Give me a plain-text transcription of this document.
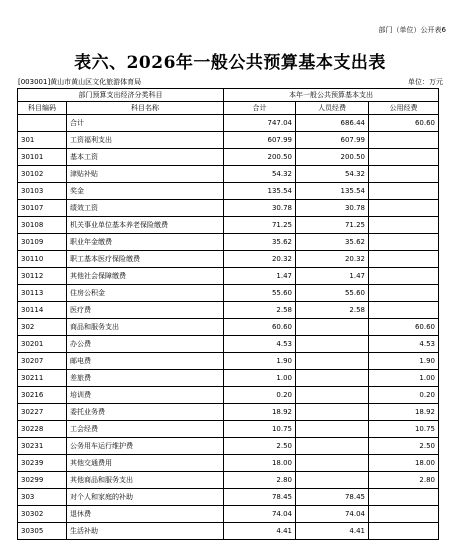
部门（单位）公开表6
表六、2026年一般公共预算基本支出表
[003001]黄山市黄山区文化旅游体育局	单位：万元
部门预算支出经济分类科目		本年一般公共预算基本支出		
科目编码	科目名称	合计	人员经费	公用经费
	合计	747.04	686.44	60.60
301	工资福利支出	607.99	607.99	
30101	基本工资	200.50	200.50	
30102	津贴补贴	54.32	54.32	
30103	奖金	135.54	135.54	
30107	绩效工资	30.78	30.78	
30108	机关事业单位基本养老保险缴费	71.25	71.25	
30109	职业年金缴费	35.62	35.62	
30110	职工基本医疗保险缴费	20.32	20.32	
30112	其他社会保障缴费	1.47	1.47	
30113	住房公积金	55.60	55.60	
30114	医疗费	2.58	2.58	
302	商品和服务支出	60.60		60.60
30201	办公费	4.53		4.53
30207	邮电费	1.90		1.90
30211	差旅费	1.00		1.00
30216	培训费	0.20		0.20
30227	委托业务费	18.92		18.92
30228	工会经费	10.75		10.75
30231	公务用车运行维护费	2.50		2.50
30239	其他交通费用	18.00		18.00
30299	其他商品和服务支出	2.80		2.80
303	对个人和家庭的补助	78.45	78.45	
30302	退休费	74.04	74.04	
30305	生活补助	4.41	4.41	
